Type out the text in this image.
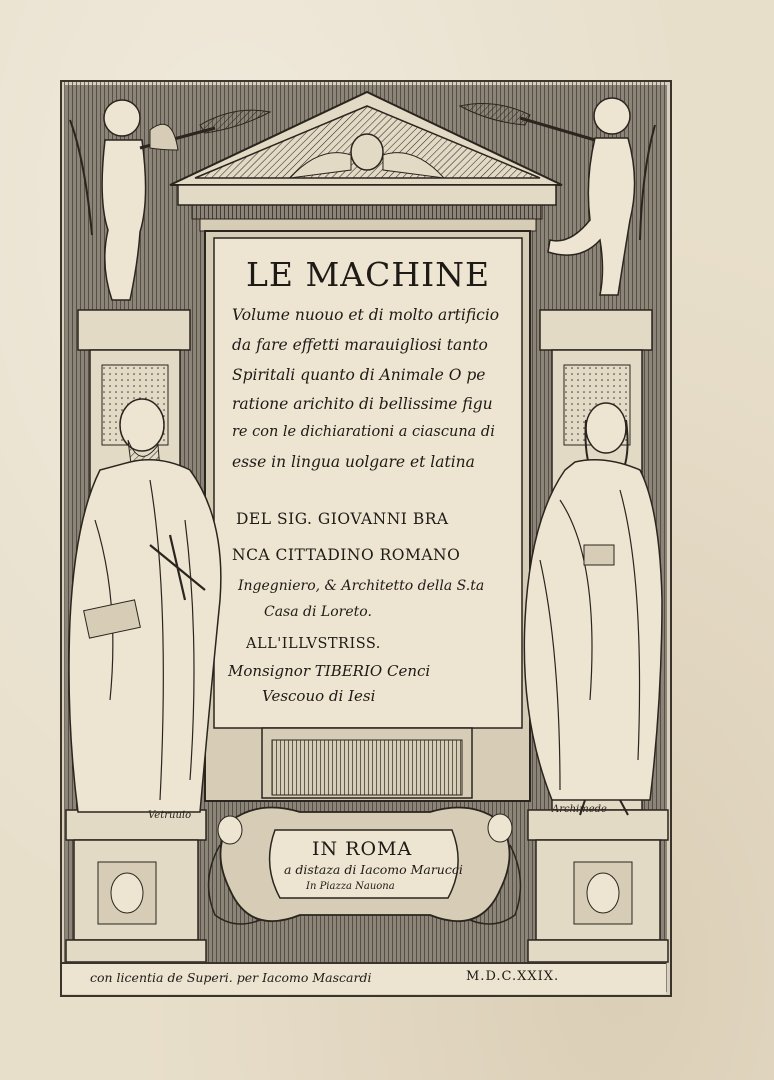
LE MACHINE
Volume nuouo et di molto artificio
da fare effetti marauigliosi tanto
Spiritali quanto di Animale O pe
ratione arichito di bellissime figu
re con le dichiarationi a ciascuna di
esse in lingua uolgare et latina
DEL SIG. GIOVANNI BRA
NCA CITTADINO ROMANO
Ingegniero, & Architetto della S.ta
Casa di Loreto.
ALL'ILLVSTRISS.
Monsignor TIBERIO Cenci
Vescouo di Iesi
IN ROMA
a distaza di Iacomo Marucci
In Piazza Nauona
Vetruuio
Archimede
con licentia de Superi. per Iacomo Mascardi	M.D.C.XXIX.
